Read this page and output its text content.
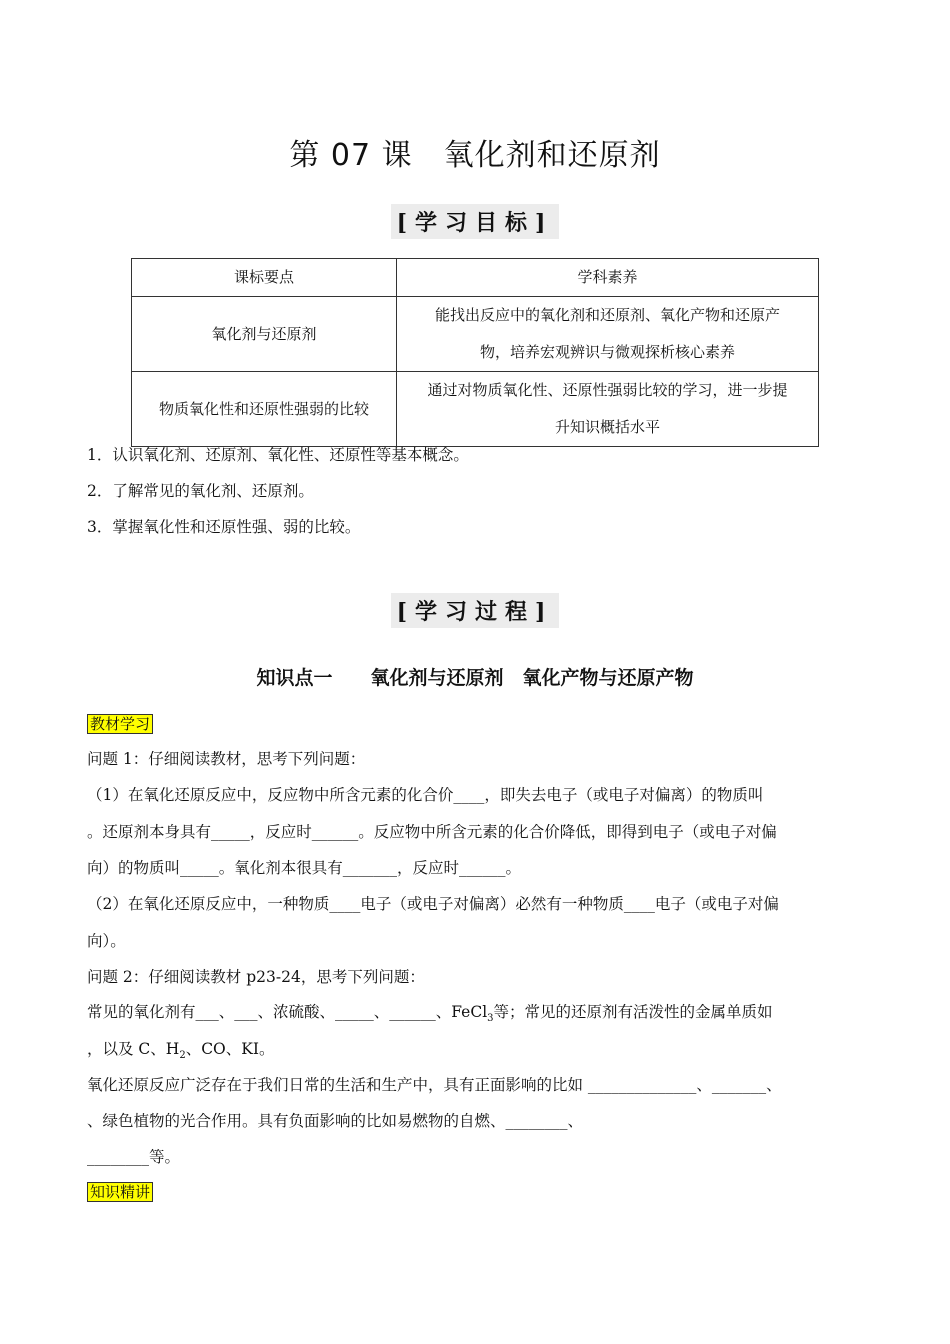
第 07 课　氧化剂和还原剂
[学习目标]
课标要点	学科素养
氧化剂与还原剂	能找出反应中的氧化剂和还原剂、氧化产物和还原产
物，培养宏观辨识与微观探析核心素养

物质氧化性和还原性强弱的比较	通过对物质氧化性、还原性强弱比较的学习，进一步提
升知识概括水平
1．认识氧化剂、还原剂、氧化性、还原性等基本概念。
2．了解常见的氧化剂、还原剂。
3．掌握氧化性和还原性强、弱的比较。
[学习过程]
知识点一　　氧化剂与还原剂　氧化产物与还原产物
教材学习
问题 1：仔细阅读教材，思考下列问题：
（1）在氧化还原反应中，反应物中所含元素的化合价____，即失去电子（或电子对偏离）的物质叫
。还原剂本身具有_____，反应时______。反应物中所含元素的化合价降低，即得到电子（或电子对偏
向）的物质叫_____。氧化剂本很具有_______，反应时______。
（2）在氧化还原反应中，一种物质____电子（或电子对偏离）必然有一种物质____电子（或电子对偏
向）。
问题 2：仔细阅读教材 p23-24，思考下列问题：
常见的氧化剂有___、___、浓硫酸、_____、______、FeCl$_3$等；常见的还原剂有活泼性的金属单质如
，以及 C、$H_2$、CO、KI。
氧化还原反应广泛存在于我们日常的生活和生产中，具有正面影响的比如 ______________、_______、
、绿色植物的光合作用。具有负面影响的比如易燃物的自燃、________、
________等。
知识精讲
